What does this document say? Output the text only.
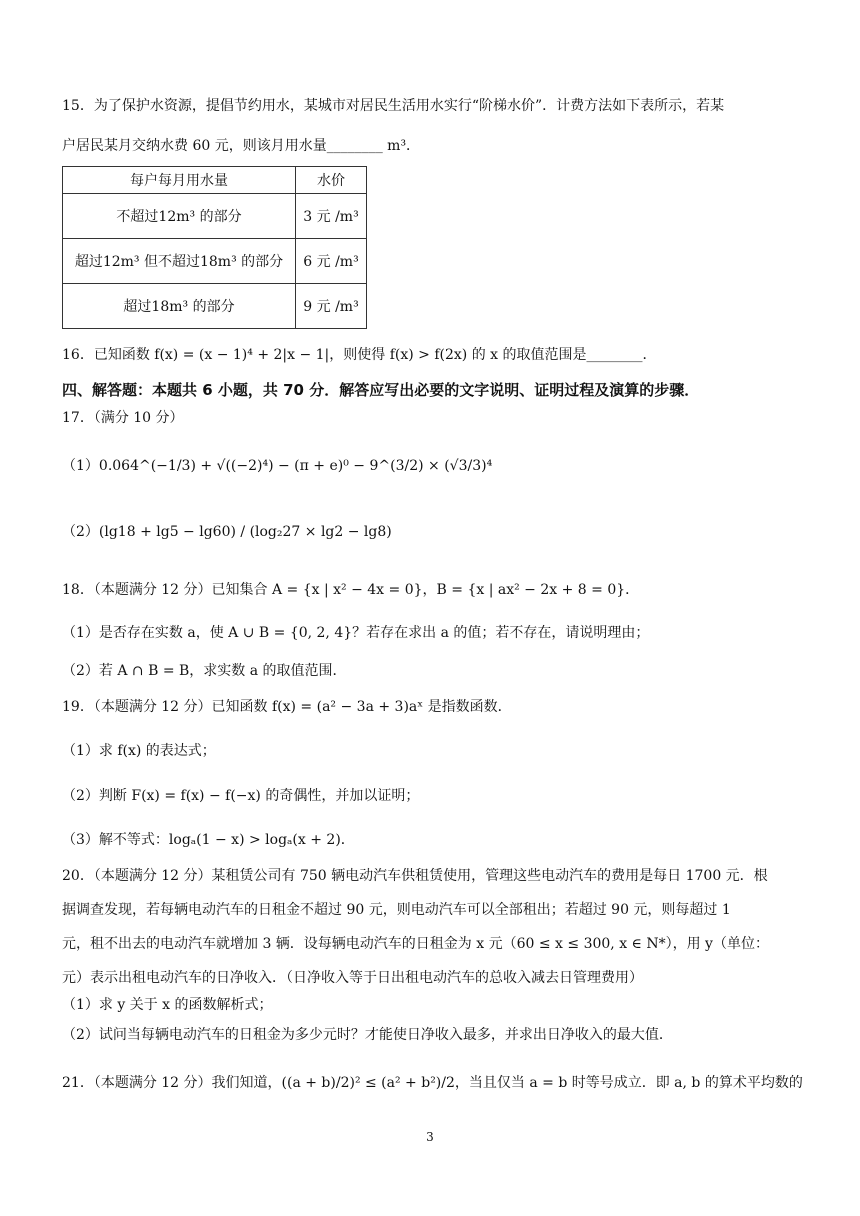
15．为了保护水资源，提倡节约用水，某城市对居民生活用水实行“阶梯水价”．计费方法如下表所示，若某
户居民某月交纳水费 60 元，则该月用水量________ m³．
每户每月用水量	水价
不超过12m³ 的部分	3 元 /m³
超过12m³ 但不超过18m³ 的部分	6 元 /m³
超过18m³ 的部分	9 元 /m³
16．已知函数 f(x) = (x − 1)⁴ + 2|x − 1|，则使得 f(x) > f(2x) 的 x 的取值范围是________．
四、解答题：本题共 6 小题，共 70 分．解答应写出必要的文字说明、证明过程及演算的步骤．
17．（满分 10 分）
（1）0.064^(−1/3) + √((−2)⁴) − (π + e)⁰ − 9^(3/2) × (√3/3)⁴
（2）(lg18 + lg5 − lg60) / (log₂27 × lg2 − lg8)
18．（本题满分 12 分）已知集合 A = {x | x² − 4x = 0}，B = {x | ax² − 2x + 8 = 0}．
（1）是否存在实数 a，使 A ∪ B = {0, 2, 4}？若存在求出 a 的值；若不存在，请说明理由；
（2）若 A ∩ B = B，求实数 a 的取值范围．
19．（本题满分 12 分）已知函数 f(x) = (a² − 3a + 3)aˣ 是指数函数．
（1）求 f(x) 的表达式；
（2）判断 F(x) = f(x) − f(−x) 的奇偶性，并加以证明；
（3）解不等式：logₐ(1 − x) > logₐ(x + 2)．
20．（本题满分 12 分）某租赁公司有 750 辆电动汽车供租赁使用，管理这些电动汽车的费用是每日 1700 元．根
据调查发现，若每辆电动汽车的日租金不超过 90 元，则电动汽车可以全部租出；若超过 90 元，则每超过 1
元，租不出去的电动汽车就增加 3 辆．设每辆电动汽车的日租金为 x 元（60 ≤ x ≤ 300, x ∈ N*），用 y（单位：
元）表示出租电动汽车的日净收入．（日净收入等于日出租电动汽车的总收入减去日管理费用）
（1）求 y 关于 x 的函数解析式；
（2）试问当每辆电动汽车的日租金为多少元时？才能使日净收入最多，并求出日净收入的最大值．
21．（本题满分 12 分）我们知道，((a + b)/2)² ≤ (a² + b²)/2，当且仅当 a = b 时等号成立．即 a, b 的算术平均数的
3
